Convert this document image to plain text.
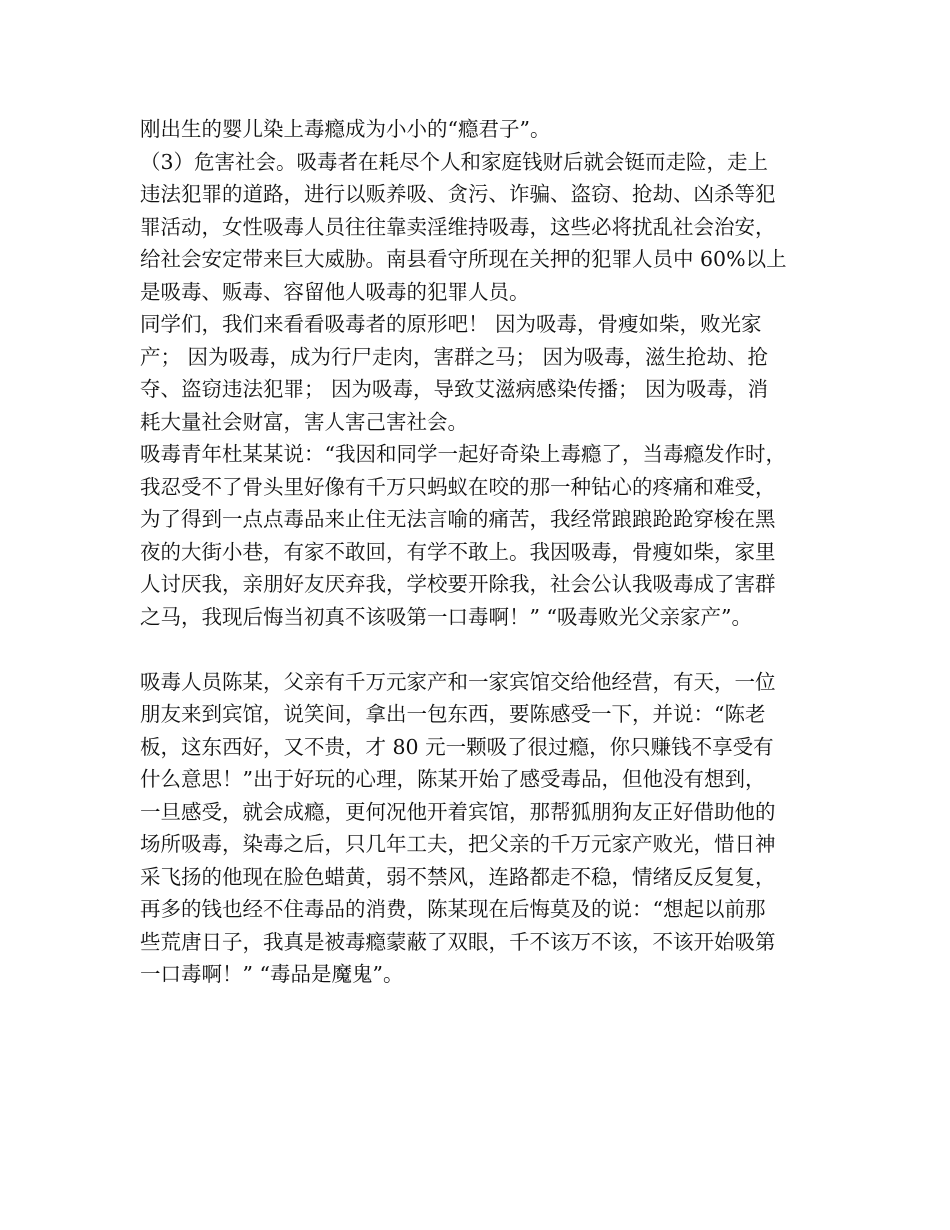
刚出生的婴儿染上毒瘾成为小小的“瘾君子”。
（3）危害社会。吸毒者在耗尽个人和家庭钱财后就会铤而走险，走上
违法犯罪的道路，进行以贩养吸、贪污、诈骗、盗窃、抢劫、凶杀等犯
罪活动，女性吸毒人员往往靠卖淫维持吸毒，这些必将扰乱社会治安，
给社会安定带来巨大威胁。南县看守所现在关押的犯罪人员中 60%以上
是吸毒、贩毒、容留他人吸毒的犯罪人员。
同学们，我们来看看吸毒者的原形吧！ 因为吸毒，骨瘦如柴，败光家
产； 因为吸毒，成为行尸走肉，害群之马； 因为吸毒，滋生抢劫、抢
夺、盗窃违法犯罪； 因为吸毒，导致艾滋病感染传播； 因为吸毒，消
耗大量社会财富，害人害己害社会。
吸毒青年杜某某说：“我因和同学一起好奇染上毒瘾了，当毒瘾发作时，
我忍受不了骨头里好像有千万只蚂蚁在咬的那一种钻心的疼痛和难受，
为了得到一点点毒品来止住无法言喻的痛苦，我经常踉踉跄跄穿梭在黑
夜的大街小巷，有家不敢回，有学不敢上。我因吸毒，骨瘦如柴，家里
人讨厌我，亲朋好友厌弃我，学校要开除我，社会公认我吸毒成了害群
之马，我现后悔当初真不该吸第一口毒啊！” “吸毒败光父亲家产”。
吸毒人员陈某，父亲有千万元家产和一家宾馆交给他经营，有天，一位
朋友来到宾馆，说笑间，拿出一包东西，要陈感受一下，并说：“陈老
板，这东西好，又不贵，才 80 元一颗吸了很过瘾，你只赚钱不享受有
什么意思！”出于好玩的心理，陈某开始了感受毒品，但他没有想到，
一旦感受，就会成瘾，更何况他开着宾馆，那帮狐朋狗友正好借助他的
场所吸毒，染毒之后，只几年工夫，把父亲的千万元家产败光，惜日神
采飞扬的他现在脸色蜡黄，弱不禁风，连路都走不稳，情绪反反复复，
再多的钱也经不住毒品的消费，陈某现在后悔莫及的说：“想起以前那
些荒唐日子，我真是被毒瘾蒙蔽了双眼，千不该万不该，不该开始吸第
一口毒啊！” “毒品是魔鬼”。
